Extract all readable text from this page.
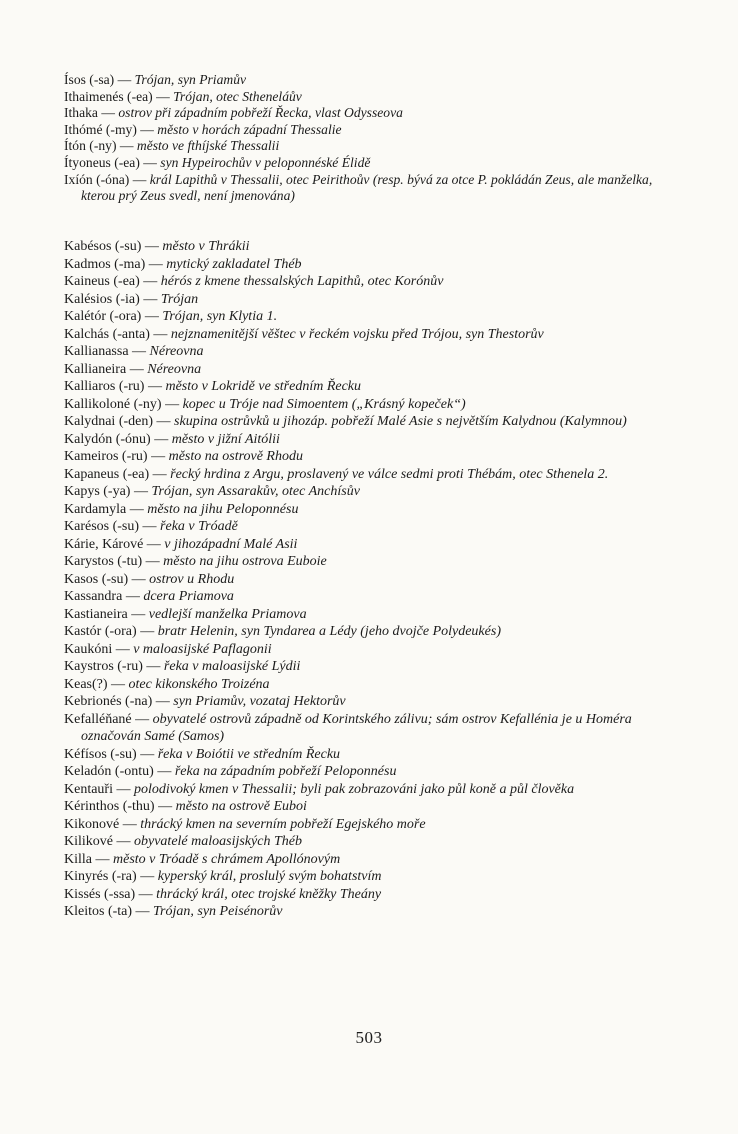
Ísos (-sa) — Trójan, syn Priamův
Ithaimenés (-ea) — Trójan, otec Stheneláův
Ithaka — ostrov při západním pobřeží Řecka, vlast Odysseova
Ithómé (-my) — město v horách západní Thessalie
Ítón (-ny) — město ve fthíjské Thessalii
Ítyoneus (-ea) — syn Hypeirochův v peloponnéské Élidě
Ixíón (-óna) — král Lapithů v Thessalii, otec Peirithoův (resp. bývá za otce P. pokládán Zeus, ale manželka, kterou prý Zeus svedl, není jmenována)
Kabésos (-su) — město v Thrákii
Kadmos (-ma) — mytický zakladatel Théb
Kaineus (-ea) — hérós z kmene thessalských Lapithů, otec Korónův
Kalésios (-ia) — Trójan
Kalétór (-ora) — Trójan, syn Klytia 1.
Kalchás (-anta) — nejznamenitější věštec v řeckém vojsku před Trójou, syn Thestorův
Kallianassa — Néreovna
Kallianeira — Néreovna
Kalliaros (-ru) — město v Lokridě ve středním Řecku
Kallikoloné (-ny) — kopec u Tróje nad Simoentem („Krásný kopeček“)
Kalydnai (-den) — skupina ostrůvků u jihozáp. pobřeží Malé Asie s největším Kalydnou (Kalymnou)
Kalydón (-ónu) — město v jižní Aitólii
Kameiros (-ru) — město na ostrově Rhodu
Kapaneus (-ea) — řecký hrdina z Argu, proslavený ve válce sedmi proti Thébám, otec Sthenela 2.
Kapys (-ya) — Trójan, syn Assarakův, otec Anchísův
Kardamyla — město na jihu Peloponnésu
Karésos (-su) — řeka v Tróadě
Kárie, Kárové — v jihozápadní Malé Asii
Karystos (-tu) — město na jihu ostrova Euboie
Kasos (-su) — ostrov u Rhodu
Kassandra — dcera Priamova
Kastianeira — vedlejší manželka Priamova
Kastór (-ora) — bratr Helenin, syn Tyndarea a Lédy (jeho dvojče Polydeukés)
Kaukóni — v maloasijské Paflagonii
Kaystros (-ru) — řeka v maloasijské Lýdii
Keas(?) — otec kikonského Troizéna
Kebrionés (-na) — syn Priamův, vozataj Hektorův
Kefalléňané — obyvatelé ostrovů západně od Korintského zálivu; sám ostrov Kefallénia je u Homéra označován Samé (Samos)
Kéfísos (-su) — řeka v Boiótii ve středním Řecku
Keladón (-ontu) — řeka na západním pobřeží Peloponnésu
Kentauři — polodivoký kmen v Thessalii; byli pak zobrazováni jako půl koně a půl člověka
Kérinthos (-thu) — město na ostrově Euboi
Kikonové — thrácký kmen na severním pobřeží Egejského moře
Kilikové — obyvatelé maloasijských Théb
Killa — město v Tróadě s chrámem Apollónovým
Kinyrés (-ra) — kyperský král, proslulý svým bohatstvím
Kissés (-ssa) — thrácký král, otec trojské kněžky Theány
Kleitos (-ta) — Trójan, syn Peisénorův
503
